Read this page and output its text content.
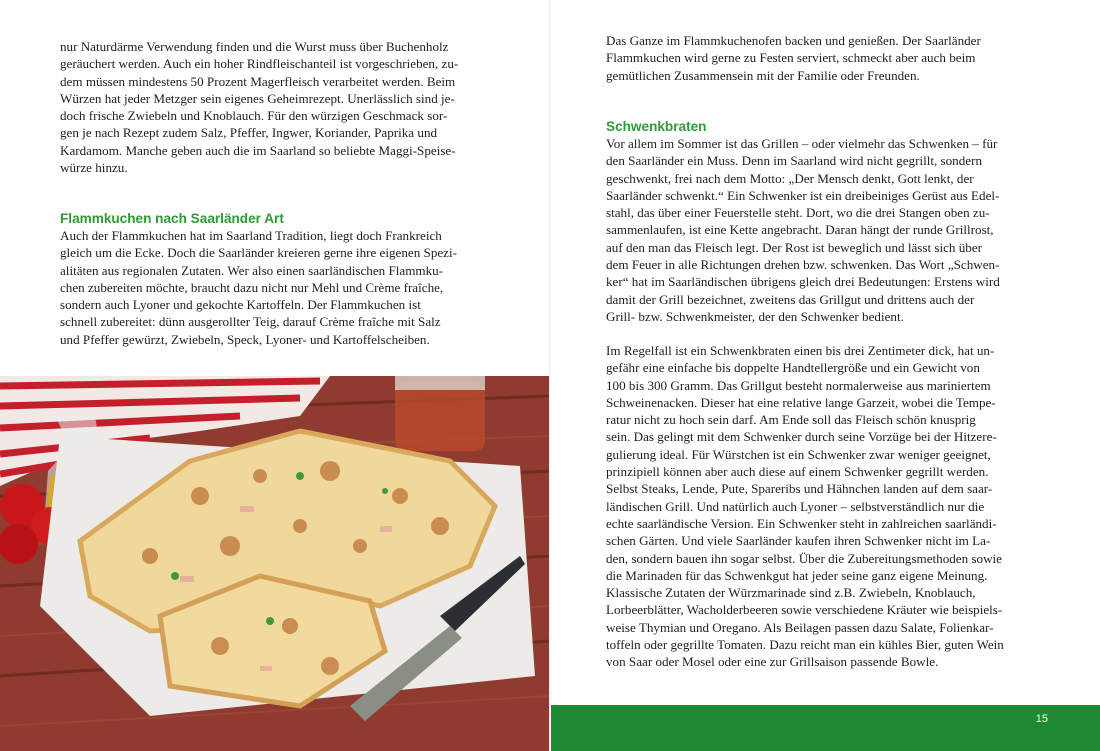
nur Naturdärme Verwendung finden und die Wurst muss über Buchenholz
geräuchert werden. Auch ein hoher Rindfleischanteil ist vorgeschrieben, zu-
dem müssen mindestens 50 Prozent Magerfleisch verarbeitet werden. Beim
Würzen hat jeder Metzger sein eigenes Geheimrezept. Unerlässlich sind je-
doch frische Zwiebeln und Knoblauch. Für den würzigen Geschmack sor-
gen je nach Rezept zudem Salz, Pfeffer, Ingwer, Koriander, Paprika und
Kardamom. Manche geben auch die im Saarland so beliebte Maggi-Speise-
würze hinzu.
Flammkuchen nach Saarländer Art
Auch der Flammkuchen hat im Saarland Tradition, liegt doch Frankreich
gleich um die Ecke. Doch die Saarländer kreieren gerne ihre eigenen Spezi-
alitäten aus regionalen Zutaten. Wer also einen saarländischen Flammku-
chen zubereiten möchte, braucht dazu nicht nur Mehl und Crème fraîche,
sondern auch Lyoner und gekochte Kartoffeln. Der Flammkuchen ist
schnell zubereitet: dünn ausgerollter Teig, darauf Crème fraîche mit Salz
und Pfeffer gewürzt, Zwiebeln, Speck, Lyoner- und Kartoffelscheiben.
Das Ganze im Flammkuchenofen backen und genießen. Der Saarländer
Flammkuchen wird gerne zu Festen serviert, schmeckt aber auch beim
gemütlichen Zusammensein mit der Familie oder Freunden.
Schwenkbraten
Vor allem im Sommer ist das Grillen – oder vielmehr das Schwenken – für
den Saarländer ein Muss. Denn im Saarland wird nicht gegrillt, sondern
geschwenkt, frei nach dem Motto: „Der Mensch denkt, Gott lenkt, der
Saarländer schwenkt.“ Ein Schwenker ist ein dreibeiniges Gerüst aus Edel-
stahl, das über einer Feuerstelle steht. Dort, wo die drei Stangen oben zu-
sammenlaufen, ist eine Kette angebracht. Daran hängt der runde Grillrost,
auf den man das Fleisch legt. Der Rost ist beweglich und lässt sich über
dem Feuer in alle Richtungen drehen bzw. schwenken. Das Wort „Schwen-
ker“ hat im Saarländischen übrigens gleich drei Bedeutungen: Erstens wird
damit der Grill bezeichnet, zweitens das Grillgut und drittens auch der
Grill- bzw. Schwenkmeister, der den Schwenker bedient.
Im Regelfall ist ein Schwenkbraten einen bis drei Zentimeter dick, hat un-
gefähr eine einfache bis doppelte Handtellergröße und ein Gewicht von
100 bis 300 Gramm. Das Grillgut besteht normalerweise aus mariniertem
Schweinenacken. Dieser hat eine relative lange Garzeit, wobei die Tempe-
ratur nicht zu hoch sein darf. Am Ende soll das Fleisch schön knusprig
sein. Das gelingt mit dem Schwenker durch seine Vorzüge bei der Hitzere-
gulierung ideal. Für Würstchen ist ein Schwenker zwar weniger geeignet,
prinzipiell können aber auch diese auf einem Schwenker gegrillt werden.
Selbst Steaks, Lende, Pute, Spareribs und Hähnchen landen auf dem saar-
ländischen Grill. Und natürlich auch Lyoner – selbstverständlich nur die
echte saarländische Version. Ein Schwenker steht in zahlreichen saarländi-
schen Gärten. Und viele Saarländer kaufen ihren Schwenker nicht im La-
den, sondern bauen ihn sogar selbst. Über die Zubereitungsmethoden sowie
die Marinaden für das Schwenkgut hat jeder seine ganz eigene Meinung.
Klassische Zutaten der Würzmarinade sind z.B. Zwiebeln, Knoblauch,
Lorbeerblätter, Wacholderbeeren sowie verschiedene Kräuter wie beispiels-
weise Thymian und Oregano. Als Beilagen passen dazu Salate, Folienkar-
toffeln oder gegrillte Tomaten. Dazu reicht man ein kühles Bier, guten Wein
von Saar oder Mosel oder eine zur Grillsaison passende Bowle.
15
